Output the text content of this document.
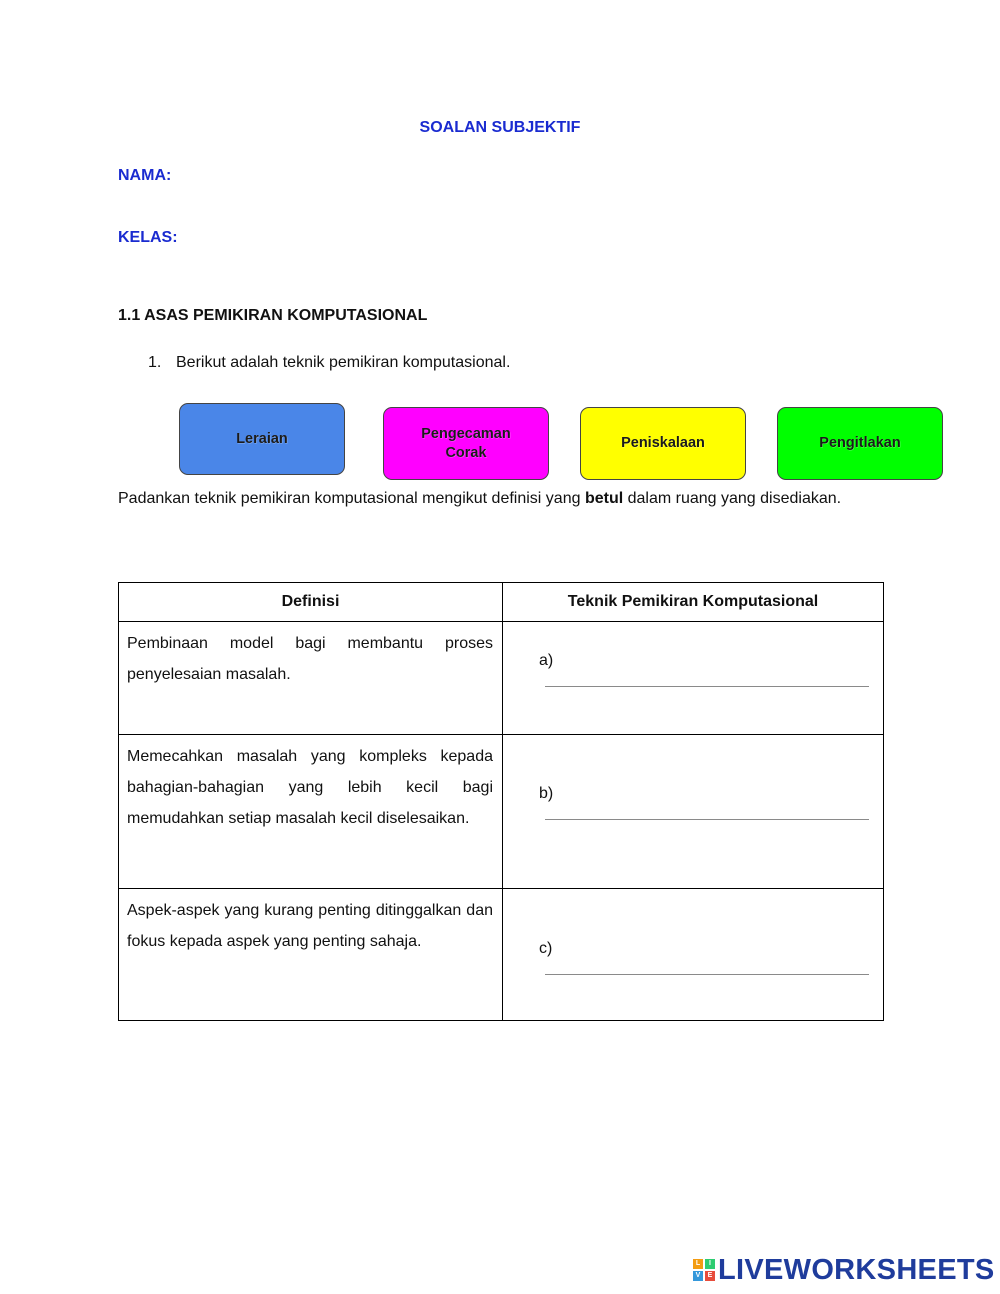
SOALAN SUBJEKTIF
NAMA:
KELAS:
1.1 ASAS PEMIKIRAN KOMPUTASIONAL
1. Berikut adalah teknik pemikiran komputasional.
Leraian	Pengecaman Corak
Peniskalaan	Pengitlakan
Padankan teknik pemikiran komputasional mengikut definisi yang betul dalam ruang yang disediakan.
Definisi	Teknik Pemikiran Komputasional
Pembinaan model bagi membantu proses penyelesaian masalah.	a)

Memecahkan masalah yang kompleks kepada bahagian-bahagian yang lebih kecil bagi memudahkan setiap masalah kecil diselesaikan.	b)

Aspek-aspek yang kurang penting ditinggalkan dan fokus kepada aspek yang penting sahaja.	c)
L	I
V	E LIVEWORKSHEETS
